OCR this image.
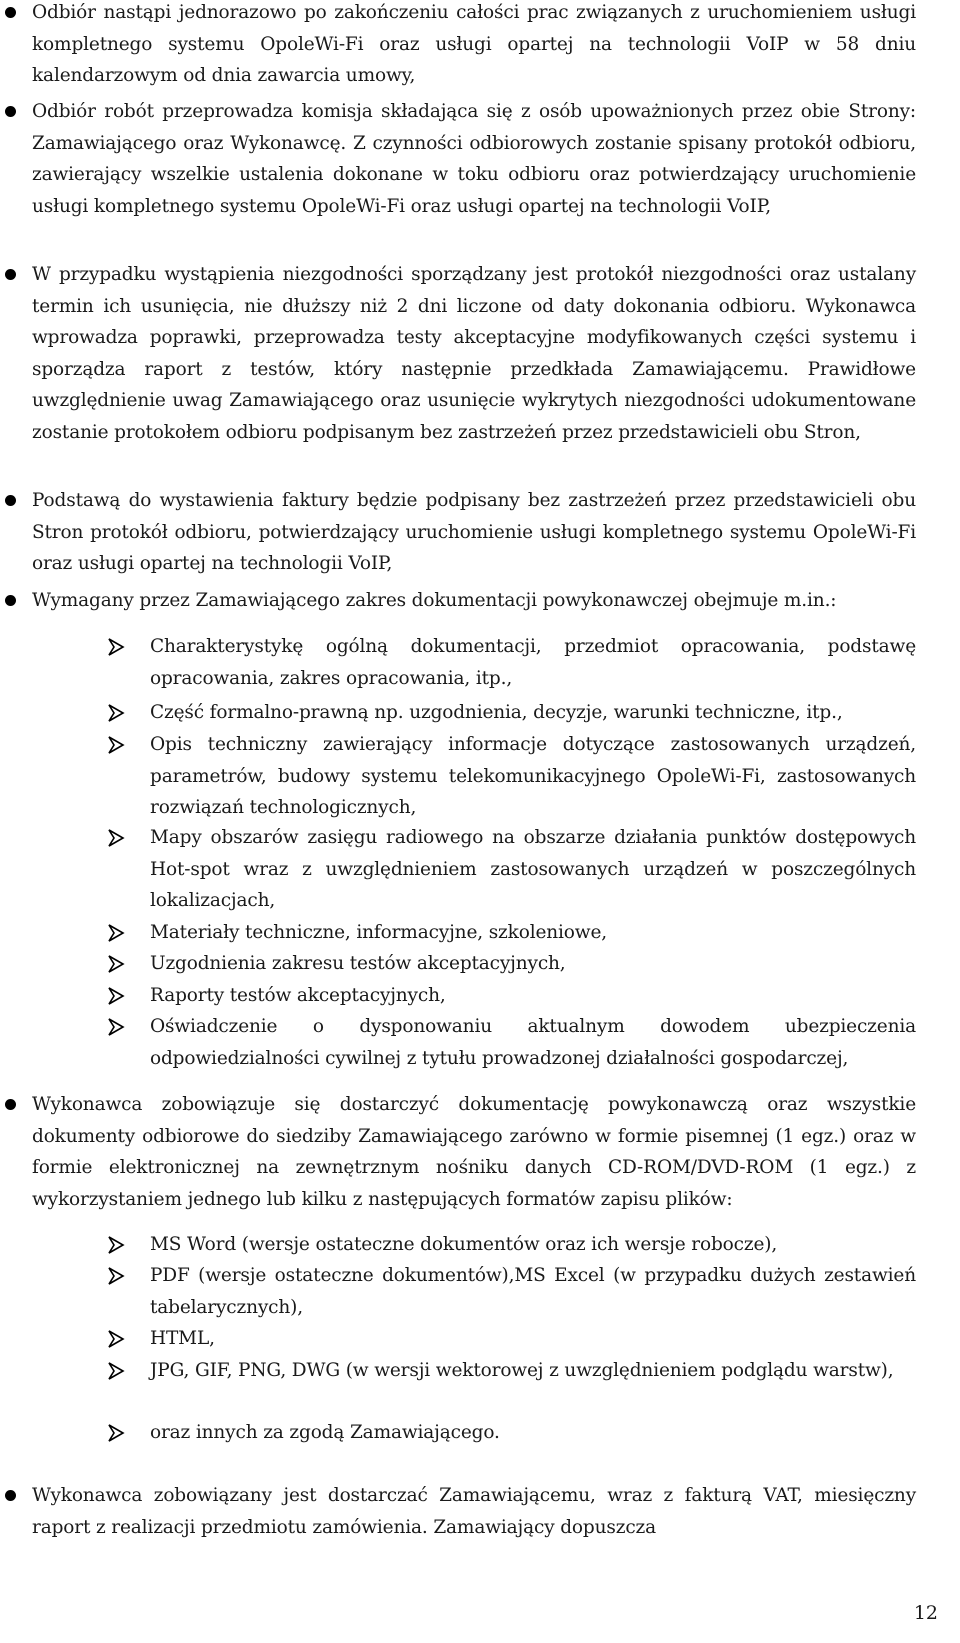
Odbiór nastąpi jednorazowo po zakończeniu całości prac związanych z uruchomieniem usługi kompletnego systemu OpoleWi-Fi oraz usługi opartej na technologii VoIP w 58 dniu kalendarzowym od dnia zawarcia umowy,
Odbiór robót przeprowadza komisja składająca się z osób upoważnionych przez obie Strony: Zamawiającego oraz Wykonawcę. Z czynności odbiorowych zostanie spisany protokół odbioru, zawierający wszelkie ustalenia dokonane w toku odbioru oraz potwierdzający uruchomienie usługi kompletnego systemu OpoleWi-Fi oraz usługi opartej na technologii VoIP,
W przypadku wystąpienia niezgodności sporządzany jest protokół niezgodności oraz ustalany termin ich usunięcia, nie dłuższy niż 2 dni liczone od daty dokonania odbioru. Wykonawca wprowadza poprawki, przeprowadza testy akceptacyjne modyfikowanych części systemu i sporządza raport z testów, który następnie przedkłada Zamawiającemu. Prawidłowe uwzględnienie uwag Zamawiającego oraz usunięcie wykrytych niezgodności udokumentowane zostanie protokołem odbioru podpisanym bez zastrzeżeń przez przedstawicieli obu Stron,
Podstawą do wystawienia faktury będzie podpisany bez zastrzeżeń przez przedstawicieli obu Stron protokół odbioru, potwierdzający uruchomienie usługi kompletnego systemu OpoleWi-Fi oraz usługi opartej na technologii VoIP,
Wymagany przez Zamawiającego zakres dokumentacji powykonawczej obejmuje m.in.:
Charakterystykę ogólną dokumentacji, przedmiot opracowania, podstawę opracowania, zakres opracowania, itp.,
Część formalno-prawną np. uzgodnienia, decyzje, warunki techniczne, itp.,
Opis techniczny zawierający informacje dotyczące zastosowanych urządzeń, parametrów, budowy systemu telekomunikacyjnego OpoleWi-Fi, zastosowanych rozwiązań technologicznych,
Mapy obszarów zasięgu radiowego na obszarze działania punktów dostępowych Hot-spot wraz z uwzględnieniem zastosowanych urządzeń w poszczególnych lokalizacjach,
Materiały techniczne, informacyjne, szkoleniowe,
Uzgodnienia zakresu testów akceptacyjnych,
Raporty testów akceptacyjnych,
Oświadczenie o dysponowaniu aktualnym dowodem ubezpieczenia odpowiedzialności cywilnej z tytułu prowadzonej działalności gospodarczej,
Wykonawca zobowiązuje się dostarczyć dokumentację powykonawczą oraz wszystkie dokumenty odbiorowe do siedziby Zamawiającego zarówno w formie pisemnej (1 egz.) oraz w formie elektronicznej na zewnętrznym nośniku danych CD-ROM/DVD-ROM (1 egz.) z wykorzystaniem jednego lub kilku z następujących formatów zapisu plików:
MS Word (wersje ostateczne dokumentów oraz ich wersje robocze),
PDF (wersje ostateczne dokumentów),MS Excel (w przypadku dużych zestawień tabelarycznych),
HTML,
JPG, GIF, PNG, DWG (w wersji wektorowej z uwzględnieniem podglądu warstw),
oraz innych za zgodą Zamawiającego.
Wykonawca zobowiązany jest dostarczać Zamawiającemu, wraz z fakturą VAT, miesięczny raport z realizacji przedmiotu zamówienia. Zamawiający dopuszcza
12
